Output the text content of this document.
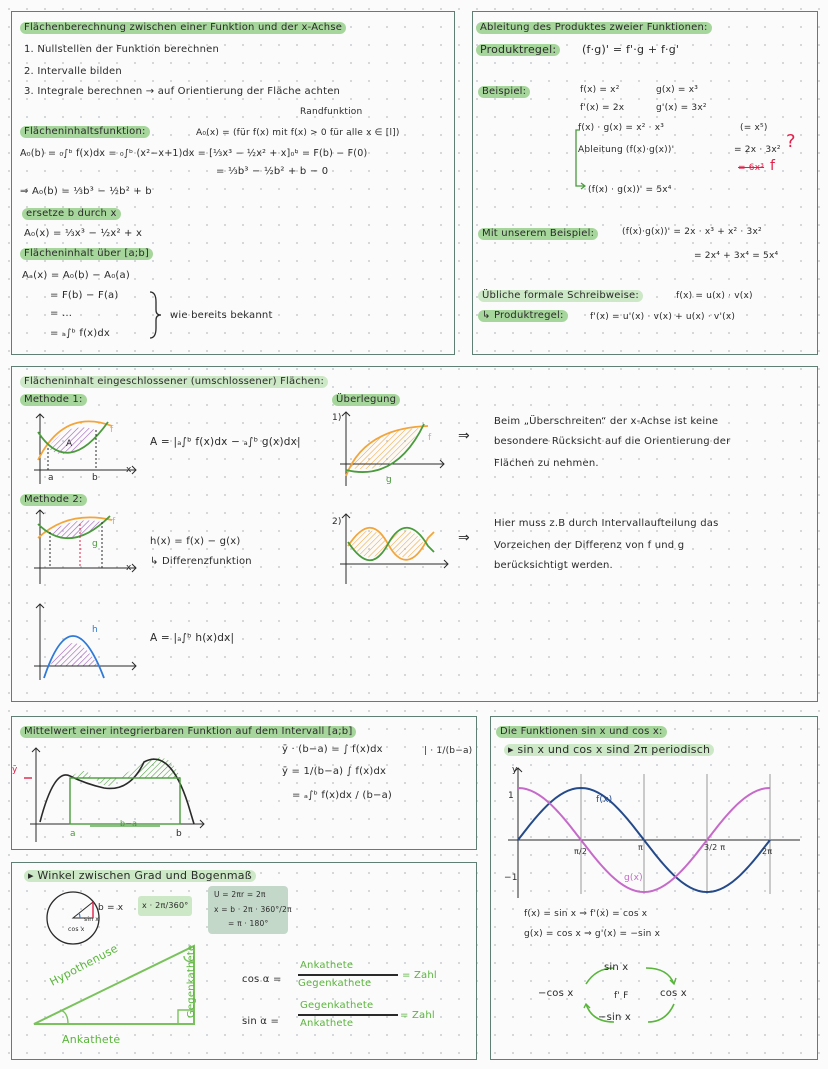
Flächenberechnung zwischen einer Funktion und der x-Achse
1. Nullstellen der Funktion berechnen
2. Intervalle bilden
3. Integrale berechnen → auf Orientierung der Fläche achten
Randfunktion
Flächeninhaltsfunktion:	A₀(x) = (für f(x) mit f(x) > 0 für alle x ∈ [l])
A₀(b) = ₀∫ᵇ f(x)dx = ₀∫ᵇ (x²−x+1)dx = [⅓x³ − ½x² + x]₀ᵇ = F(b) − F(0)
= ⅓b³ − ½b² + b − 0
⇒ A₀(b) = ⅓b³ − ½b² + b
ersetze b durch x
A₀(x) = ⅓x³ − ½x² + x
Flächeninhalt über [a;b]
Aₐ(x) = A₀(b) − A₀(a)
= F(b) − F(a)
= …
= ₐ∫ᵇ f(x)dx
wie bereits bekannt
Ableitung des Produktes zweier Funktionen:
Produktregel:	(f·g)' = f'·g + f·g'
Beispiel:	f(x) = x²
f'(x) = 2x
g(x) = x³
g'(x) = 3x²
f(x) · g(x) = x² · x³	(= x⁵)
Ableitung (f(x)·g(x))'	= 2x · 3x²
= 6x³ f
?
(f(x) · g(x))' = 5x⁴
Mit unserem Beispiel:	(f(x)·g(x))' = 2x · x³ + x² · 3x²
= 2x⁴ + 3x⁴ = 5x⁴
Übliche formale Schreibweise:	f(x) = u(x) · v(x)
↳ Produktregel:	f'(x) = u'(x) · v(x) + u(x) · v'(x)
Flächeninhalt eingeschlossener (umschlossener) Flächen:
Methode 1:
f
A
a	b
x
A = |ₐ∫ᵇ f(x)dx − ₐ∫ᵇ g(x)dx|
Methode 2:
f
g
x
h(x) = f(x) − g(x)
↳ Differenzfunktion
h
A = |ₐ∫ᵇ h(x)dx|
Überlegung
1)
f
g
⇒
Beim „Überschreiten“ der x-Achse ist keine
besondere Rücksicht auf die Orientierung der
Flächen zu nehmen.
2)
⇒
Hier muss z.B durch Intervallaufteilung das
Vorzeichen der Differenz von f und g
berücksichtigt werden.
Mittelwert einer integrierbaren Funktion auf dem Intervall [a;b]
ȳ
a
b−a
b
ȳ · (b−a) = ∫ f(x)dx	| · 1/(b−a)
ȳ = 1/(b−a) ∫ f(x)dx
= ₐ∫ᵇ f(x)dx / (b−a)
Die Funktionen sin x und cos x:
▸ sin x und cos x sind 2π periodisch
y
1
−1
f(x)
g(x)
π/2	π	3/2 π	2π
f(x) = sin x ⇒ f'(x) = cos x
g(x) = cos x ⇒ g'(x) = −sin x
sin x
−cos x	f' F	cos x
−sin x
▸ Winkel zwischen Grad und Bogenmaß
b = x
sin x
cos x
x · 2π/360°
U = 2πr = 2π
x = b · 2π · 360°/2π
= π · 180°
Hypothenuse	Gegenkathete
Ankathete
cos α =
Ankathete
Gegenkathete
= Zahl
sin α =
Gegenkathete
Ankathete
= Zahl
